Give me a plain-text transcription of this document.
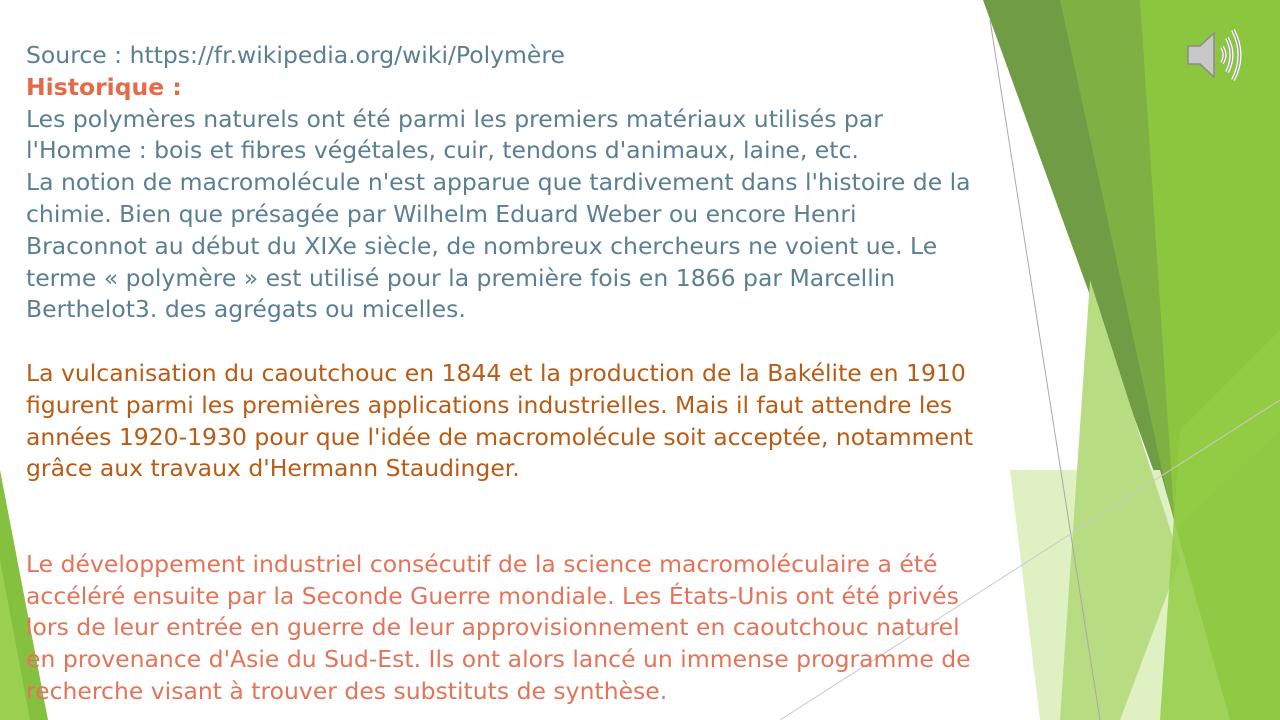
Source : https://fr.wikipedia.org/wiki/Polymère
Historique :
Les polymères naturels ont été parmi les premiers matériaux utilisés par
l'Homme : bois et fibres végétales, cuir, tendons d'animaux, laine, etc.
La notion de macromolécule n'est apparue que tardivement dans l'histoire de la
chimie. Bien que présagée par Wilhelm Eduard Weber ou encore Henri
Braconnot au début du XIXe siècle, de nombreux chercheurs ne voient ue. Le
terme « polymère » est utilisé pour la première fois en 1866 par Marcellin
Berthelot3. des agrégats ou micelles.
La vulcanisation du caoutchouc en 1844 et la production de la Bakélite en 1910
figurent parmi les premières applications industrielles. Mais il faut attendre les
années 1920-1930 pour que l'idée de macromolécule soit acceptée, notamment
grâce aux travaux d'Hermann Staudinger.
Le développement industriel consécutif de la science macromoléculaire a été
accéléré ensuite par la Seconde Guerre mondiale. Les États-Unis ont été privés
lors de leur entrée en guerre de leur approvisionnement en caoutchouc naturel
en provenance d'Asie du Sud-Est. Ils ont alors lancé un immense programme de
recherche visant à trouver des substituts de synthèse.
